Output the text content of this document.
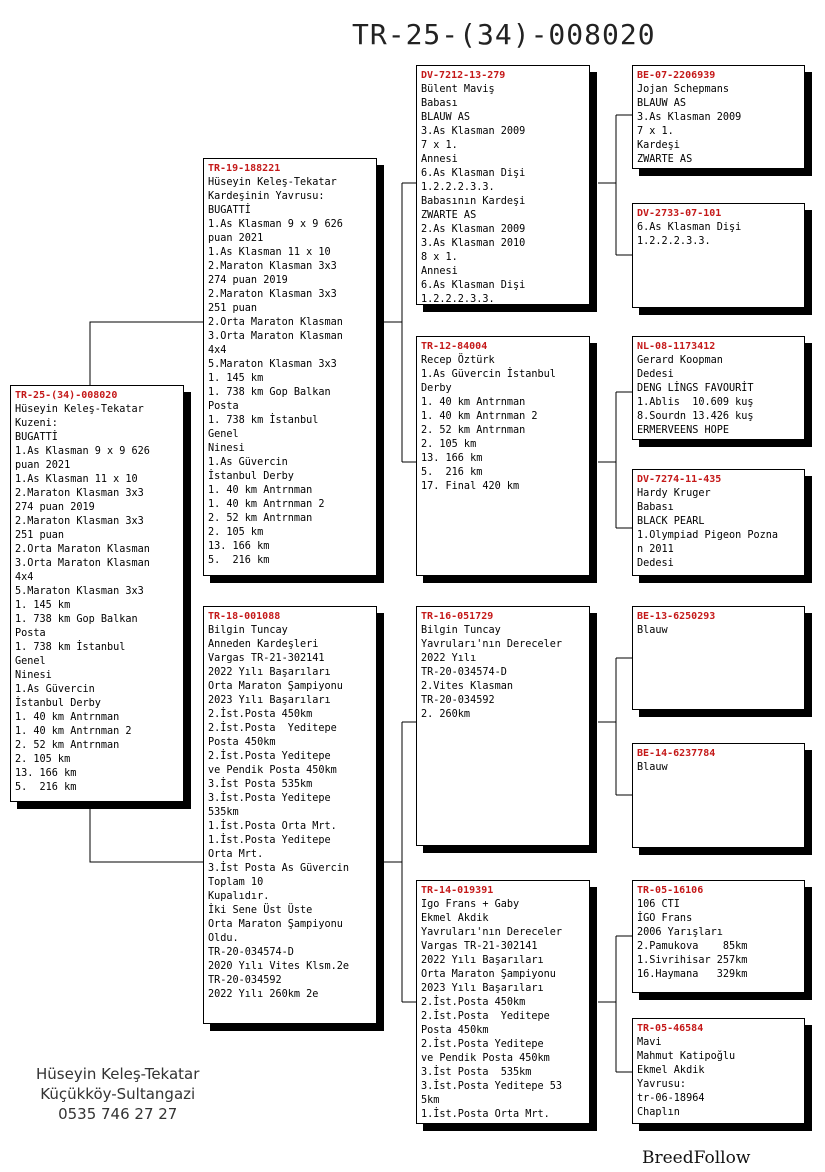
TR-25-(34)-008020
TR-25-(34)-008020
Hüseyin Keleş-Tekatar
Kuzeni:
BUGATTİ
1.As Klasman 9 x 9 626
puan 2021
1.As Klasman 11 x 10
2.Maraton Klasman 3x3
274 puan 2019
2.Maraton Klasman 3x3
251 puan
2.Orta Maraton Klasman
3.Orta Maraton Klasman
4x4
5.Maraton Klasman 3x3
1. 145 km
1. 738 km Gop Balkan
Posta
1. 738 km İstanbul
Genel
Ninesi
1.As Güvercin
İstanbul Derby
1. 40 km Antrnman
1. 40 km Antrnman 2
2. 52 km Antrnman
2. 105 km
13. 166 km
5.  216 km
TR-19-188221
Hüseyin Keleş-Tekatar
Kardeşinin Yavrusu:
BUGATTİ
1.As Klasman 9 x 9 626
puan 2021
1.As Klasman 11 x 10
2.Maraton Klasman 3x3
274 puan 2019
2.Maraton Klasman 3x3
251 puan
2.Orta Maraton Klasman
3.Orta Maraton Klasman
4x4
5.Maraton Klasman 3x3
1. 145 km
1. 738 km Gop Balkan
Posta
1. 738 km İstanbul
Genel
Ninesi
1.As Güvercin
İstanbul Derby
1. 40 km Antrnman
1. 40 km Antrnman 2
2. 52 km Antrnman
2. 105 km
13. 166 km
5.  216 km
TR-18-001088
Bilgin Tuncay
Anneden Kardeşleri
Vargas TR-21-302141
2022 Yılı Başarıları
Orta Maraton Şampiyonu
2023 Yılı Başarıları
2.İst.Posta 450km
2.İst.Posta  Yeditepe
Posta 450km
2.İst.Posta Yeditepe
ve Pendik Posta 450km
3.İst Posta 535km
3.İst.Posta Yeditepe
535km
1.İst.Posta Orta Mrt.
1.İst.Posta Yeditepe
Orta Mrt.
3.İst Posta As Güvercin
Toplam 10
Kupalıdır.
İki Sene Üst Üste
Orta Maraton Şampiyonu
Oldu.
TR-20-034574-D
2020 Yılı Vites Klsm.2e
TR-20-034592
2022 Yılı 260km 2e
DV-7212-13-279
Bülent Maviş
Babası
BLAUW AS
3.As Klasman 2009
7 x 1.
Annesi
6.As Klasman Dişi
1.2.2.2.3.3.
Babasının Kardeşi
ZWARTE AS
2.As Klasman 2009
3.As Klasman 2010
8 x 1.
Annesi
6.As Klasman Dişi
1.2.2.2.3.3.
TR-12-84004
Recep Öztürk
1.As Güvercin İstanbul
Derby
1. 40 km Antrnman
1. 40 km Antrnman 2
2. 52 km Antrnman
2. 105 km
13. 166 km
5.  216 km
17. Final 420 km
TR-16-051729
Bilgin Tuncay
Yavruları'nın Dereceler
2022 Yılı
TR-20-034574-D
2.Vites Klasman
TR-20-034592
2. 260km
TR-14-019391
Igo Frans + Gaby
Ekmel Akdik
Yavruları'nın Dereceler
Vargas TR-21-302141
2022 Yılı Başarıları
Orta Maraton Şampiyonu
2023 Yılı Başarıları
2.İst.Posta 450km
2.İst.Posta  Yeditepe
Posta 450km
2.İst.Posta Yeditepe
ve Pendik Posta 450km
3.İst Posta  535km
3.İst.Posta Yeditepe 53
5km
1.İst.Posta Orta Mrt.
BE-07-2206939
Jojan Schepmans
BLAUW AS
3.As Klasman 2009
7 x 1.
Kardeşi
ZWARTE AS
DV-2733-07-101
6.As Klasman Dişi
1.2.2.2.3.3.
NL-08-1173412
Gerard Koopman
Dedesi
DENG LİNGS FAVOURİT
1.Ablis  10.609 kuş
8.Sourdn 13.426 kuş
ERMERVEENS HOPE
DV-7274-11-435
Hardy Kruger
Babası
BLACK PEARL
1.Olympiad Pigeon Pozna
n 2011
Dedesi
BE-13-6250293
Blauw
BE-14-6237784
Blauw
TR-05-16106
106 CTI
İGO Frans
2006 Yarışları
2.Pamukova    85km
1.Sivrihisar 257km
16.Haymana   329km
TR-05-46584
Mavi
Mahmut Katipoğlu
Ekmel Akdik
Yavrusu:
tr-06-18964
Chaplın
Hüseyin Keleş-Tekatar
Küçükköy-Sultangazi
0535 746 27 27
BreedFollow
